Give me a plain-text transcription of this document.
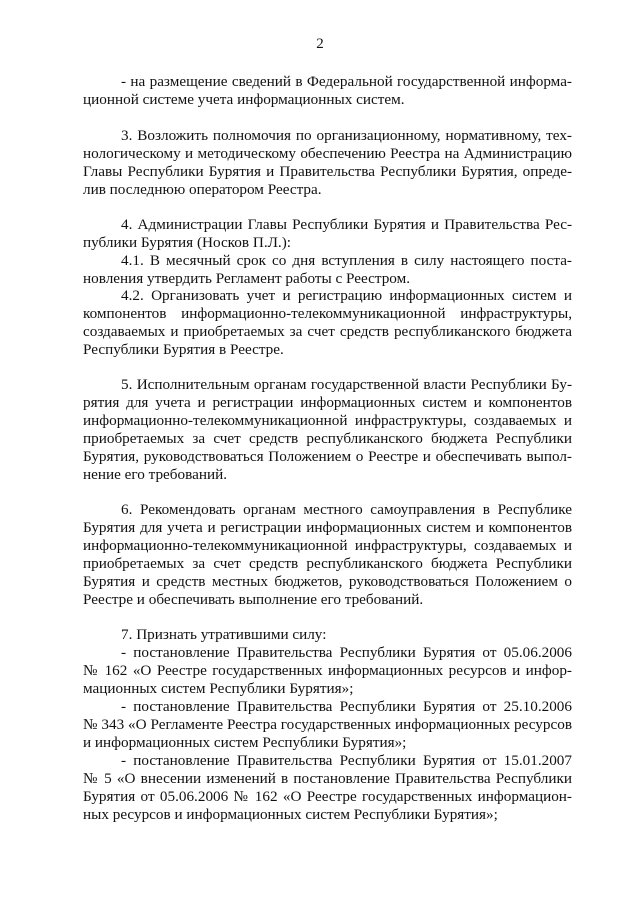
2
- на размещение сведений в Федеральной государственной информа-
ционной системе учета информационных систем.
3. Возложить полномочия по организационному, нормативному, тех-
нологическому и методическому обеспечению Реестра на Администрацию
Главы Республики Бурятия и Правительства Республики Бурятия, опреде-
лив последнюю оператором Реестра.
4. Администрации Главы Республики Бурятия и Правительства Рес-
публики Бурятия (Носков П.Л.):
4.1. В месячный срок со дня вступления в силу настоящего поста-
новления утвердить Регламент работы с Реестром.
4.2. Организовать учет и регистрацию информационных систем и
компонентов информационно-телекоммуникационной инфраструктуры,
создаваемых и приобретаемых за счет средств республиканского бюджета
Республики Бурятия в Реестре.
5. Исполнительным органам государственной власти Республики Бу-
рятия для учета и регистрации информационных систем и компонентов
информационно-телекоммуникационной инфраструктуры, создаваемых и
приобретаемых за счет средств республиканского бюджета Республики
Бурятия, руководствоваться Положением о Реестре и обеспечивать выпол-
нение его требований.
6. Рекомендовать органам местного самоуправления в Республике
Бурятия для учета и регистрации информационных систем и компонентов
информационно-телекоммуникационной инфраструктуры, создаваемых и
приобретаемых за счет средств республиканского бюджета Республики
Бурятия и средств местных бюджетов, руководствоваться Положением о
Реестре и обеспечивать выполнение его требований.
7. Признать утратившими силу:
- постановление Правительства Республики Бурятия от 05.06.2006
№ 162 «О Реестре государственных информационных ресурсов и инфор-
мационных систем Республики Бурятия»;
- постановление Правительства Республики Бурятия от 25.10.2006
№ 343 «О Регламенте Реестра государственных информационных ресурсов
и информационных систем Республики Бурятия»;
- постановление Правительства Республики Бурятия от 15.01.2007
№ 5 «О внесении изменений в постановление Правительства Республики
Бурятия от 05.06.2006 № 162 «О Реестре государственных информацион-
ных ресурсов и информационных систем Республики Бурятия»;
